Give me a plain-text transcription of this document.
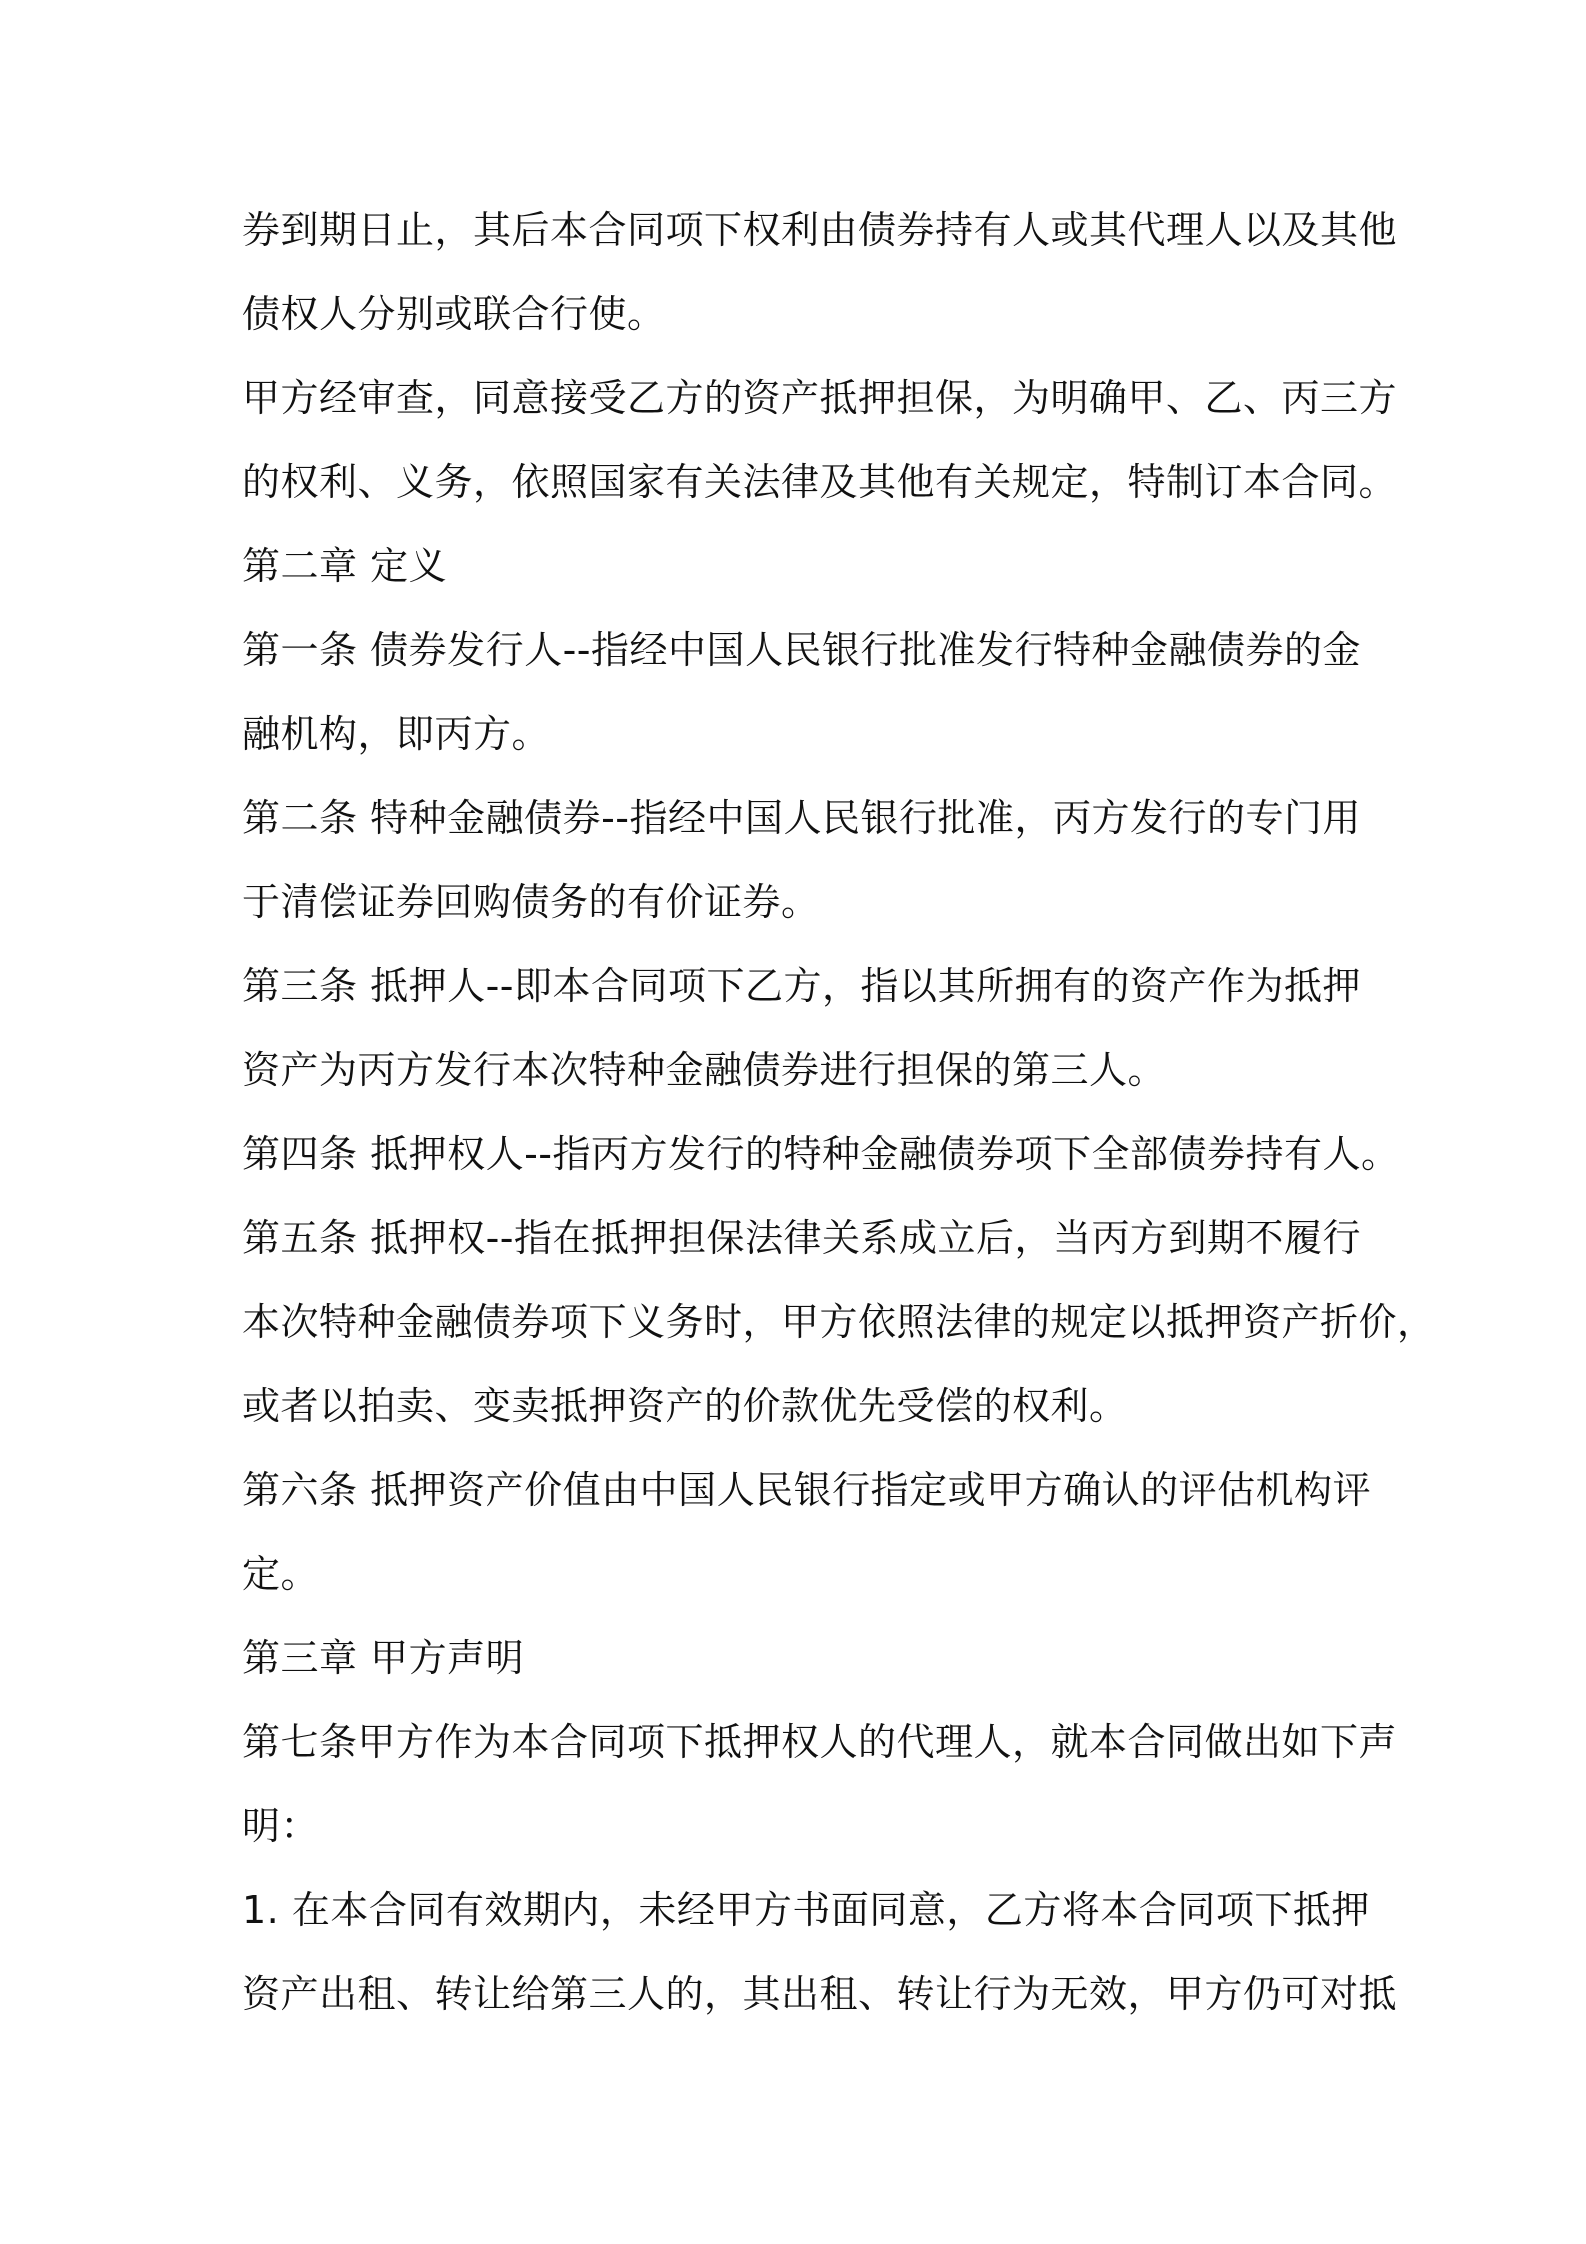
券到期日止，其后本合同项下权利由债券持有人或其代理人以及其他
债权人分别或联合行使。
甲方经审查，同意接受乙方的资产抵押担保，为明确甲、乙、丙三方
的权利、义务，依照国家有关法律及其他有关规定，特制订本合同。
第二章 定义
第一条 债券发行人--指经中国人民银行批准发行特种金融债券的金
融机构，即丙方。
第二条 特种金融债券--指经中国人民银行批准，丙方发行的专门用
于清偿证券回购债务的有价证券。
第三条 抵押人--即本合同项下乙方，指以其所拥有的资产作为抵押
资产为丙方发行本次特种金融债券进行担保的第三人。
第四条 抵押权人--指丙方发行的特种金融债券项下全部债券持有人。
第五条 抵押权--指在抵押担保法律关系成立后，当丙方到期不履行
本次特种金融债券项下义务时，甲方依照法律的规定以抵押资产折价，
或者以拍卖、变卖抵押资产的价款优先受偿的权利。
第六条 抵押资产价值由中国人民银行指定或甲方确认的评估机构评
定。
第三章 甲方声明
第七条甲方作为本合同项下抵押权人的代理人，就本合同做出如下声
明：
1. 在本合同有效期内，未经甲方书面同意，乙方将本合同项下抵押
资产出租、转让给第三人的，其出租、转让行为无效，甲方仍可对抵
